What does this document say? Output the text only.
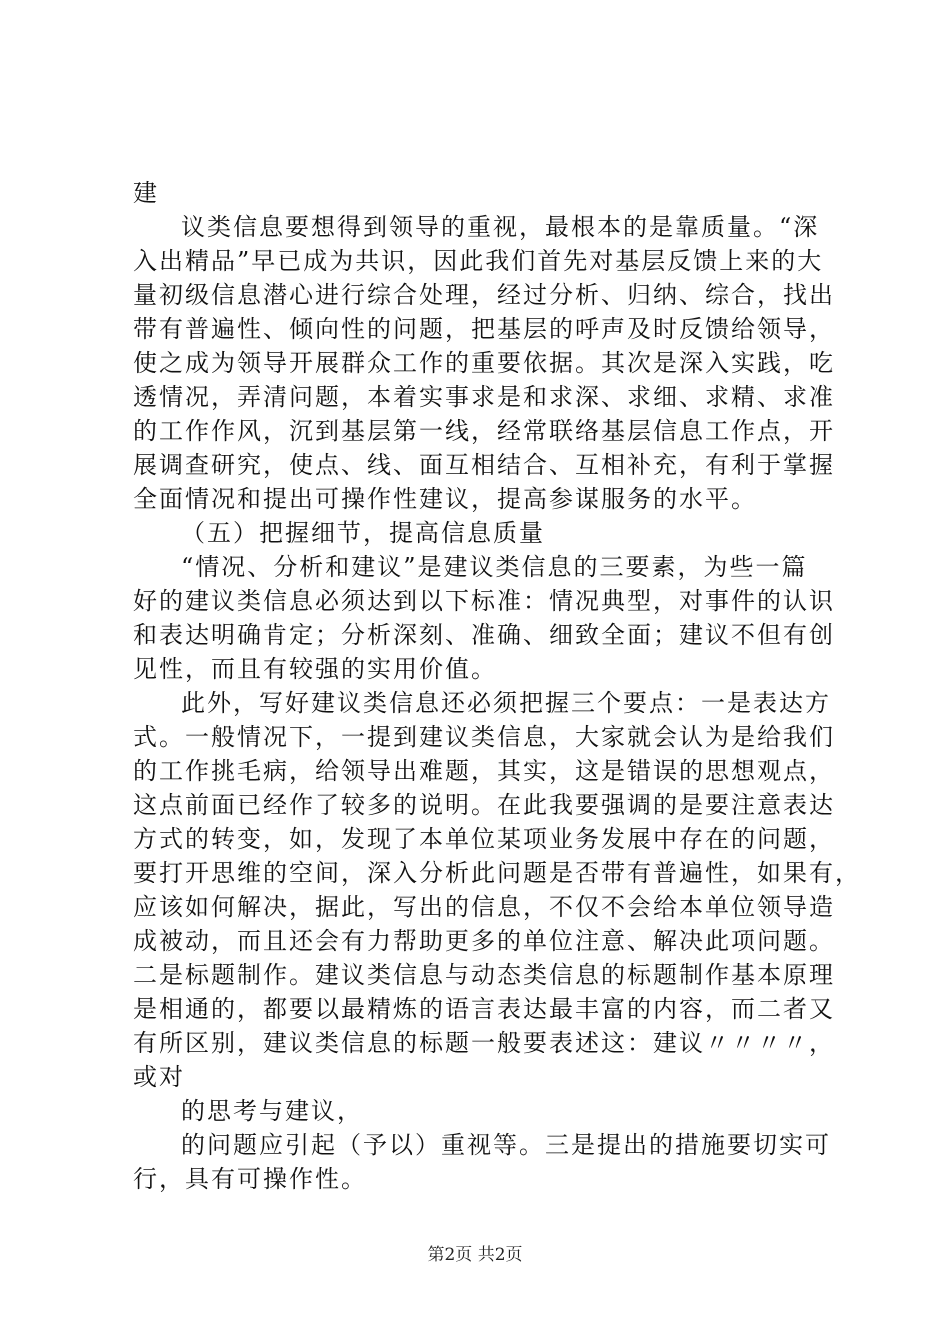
建
议类信息要想得到领导的重视，最根本的是靠质量。“深
入出精品”早已成为共识，因此我们首先对基层反馈上来的大
量初级信息潜心进行综合处理，经过分析、归纳、综合，找出
带有普遍性、倾向性的问题，把基层的呼声及时反馈给领导，
使之成为领导开展群众工作的重要依据。其次是深入实践，吃
透情况，弄清问题，本着实事求是和求深、求细、求精、求准
的工作作风，沉到基层第一线，经常联络基层信息工作点，开
展调查研究，使点、线、面互相结合、互相补充，有利于掌握
全面情况和提出可操作性建议，提高参谋服务的水平。
（五）把握细节，提高信息质量
“情况、分析和建议”是建议类信息的三要素，为些一篇
好的建议类信息必须达到以下标准：情况典型，对事件的认识
和表达明确肯定；分析深刻、准确、细致全面；建议不但有创
见性，而且有较强的实用价值。
此外，写好建议类信息还必须把握三个要点：一是表达方
式。一般情况下，一提到建议类信息，大家就会认为是给我们
的工作挑毛病，给领导出难题，其实，这是错误的思想观点，
这点前面已经作了较多的说明。在此我要强调的是要注意表达
方式的转变，如，发现了本单位某项业务发展中存在的问题，
要打开思维的空间，深入分析此问题是否带有普遍性，如果有，
应该如何解决，据此，写出的信息，不仅不会给本单位领导造
成被动，而且还会有力帮助更多的单位注意、解决此项问题。
二是标题制作。建议类信息与动态类信息的标题制作基本原理
是相通的，都要以最精炼的语言表达最丰富的内容，而二者又
有所区别，建议类信息的标题一般要表述这：建议〃〃〃〃，
或对
的思考与建议，
的问题应引起（予以）重视等。三是提出的措施要切实可
行，具有可操作性。
第2页 共2页
